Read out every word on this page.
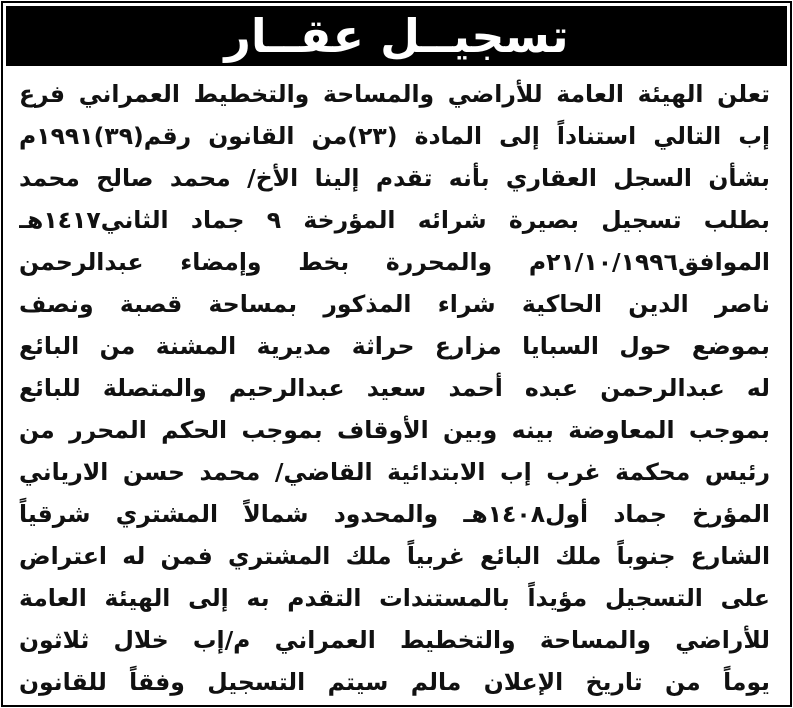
تسجيــل عقــار
تعلن الهيئة العامة للأراضي والمساحة والتخطيط العمراني فرع
إب التالي استناداً إلى المادة (٢٣)من القانون رقم(٣٩)١٩٩١م
بشأن السجل العقاري بأنه تقدم إلينا الأخ/ محمد صالح محمد
بطلب تسجيل بصيرة شرائه المؤرخة ٩ جماد الثاني١٤١٧هـ
الموافق٢١/١٠/١٩٩٦م والمحررة بخط وإمضاء عبدالرحمن
ناصر الدين الحاكية شراء المذكور بمساحة قصبة ونصف
بموضع حول السبايا مزارع حراثة مديرية المشنة من البائع
له عبدالرحمن عبده أحمد سعيد عبدالرحيم والمتصلة للبائع
بموجب المعاوضة بينه وبين الأوقاف بموجب الحكم المحرر من
رئيس محكمة غرب إب الابتدائية القاضي/ محمد حسن الارياني
المؤرخ جماد أول١٤٠٨هـ والمحدود شمالاً المشتري شرقياً
الشارع جنوباً ملك البائع غربياً ملك المشتري فمن له اعتراض
على التسجيل مؤيداً بالمستندات التقدم به إلى الهيئة العامة
للأراضي والمساحة والتخطيط العمراني م/إب خلال ثلاثون
يوماً من تاريخ الإعلان مالم سيتم التسجيل وفقاً للقانون
